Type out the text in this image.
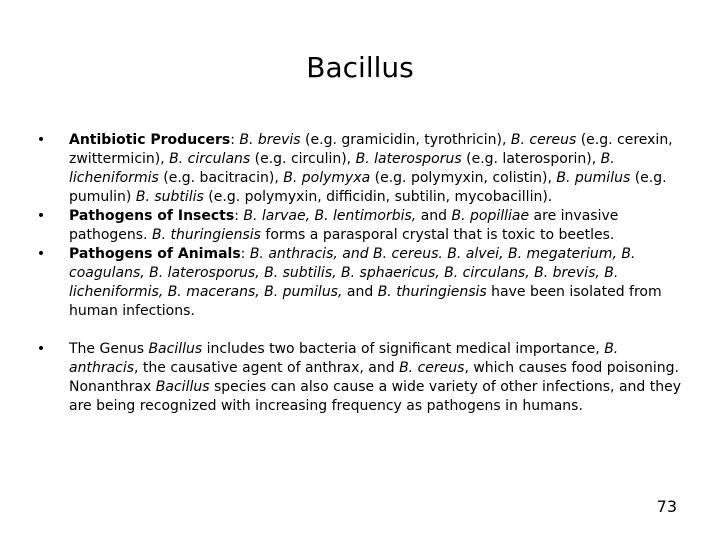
Bacillus
•	Antibiotic Producers: B. brevis (e.g. gramicidin, tyrothricin), B. cereus (e.g. cerexin, zwittermicin), B. circulans (e.g. circulin), B. laterosporus (e.g. laterosporin), B. licheniformis (e.g. bacitracin), B. polymyxa (e.g. polymyxin, colistin), B. pumilus (e.g. pumulin) B. subtilis (e.g. polymyxin, difficidin, subtilin, mycobacillin).
•	Pathogens of Insects: B. larvae, B. lentimorbis, and B. popilliae are invasive pathogens. B. thuringiensis forms a parasporal crystal that is toxic to beetles.
•	Pathogens of Animals: B. anthracis, and B. cereus. B. alvei, B. megaterium, B. coagulans, B. laterosporus, B. subtilis, B. sphaericus, B. circulans, B. brevis, B. licheniformis, B. macerans, B. pumilus, and B. thuringiensis have been isolated from human infections.
•	The Genus Bacillus includes two bacteria of significant medical importance, B. anthracis, the causative agent of anthrax, and B. cereus, which causes food poisoning. Nonanthrax Bacillus species can also cause a wide variety of other infections, and they are being recognized with increasing frequency as pathogens in humans.
73
